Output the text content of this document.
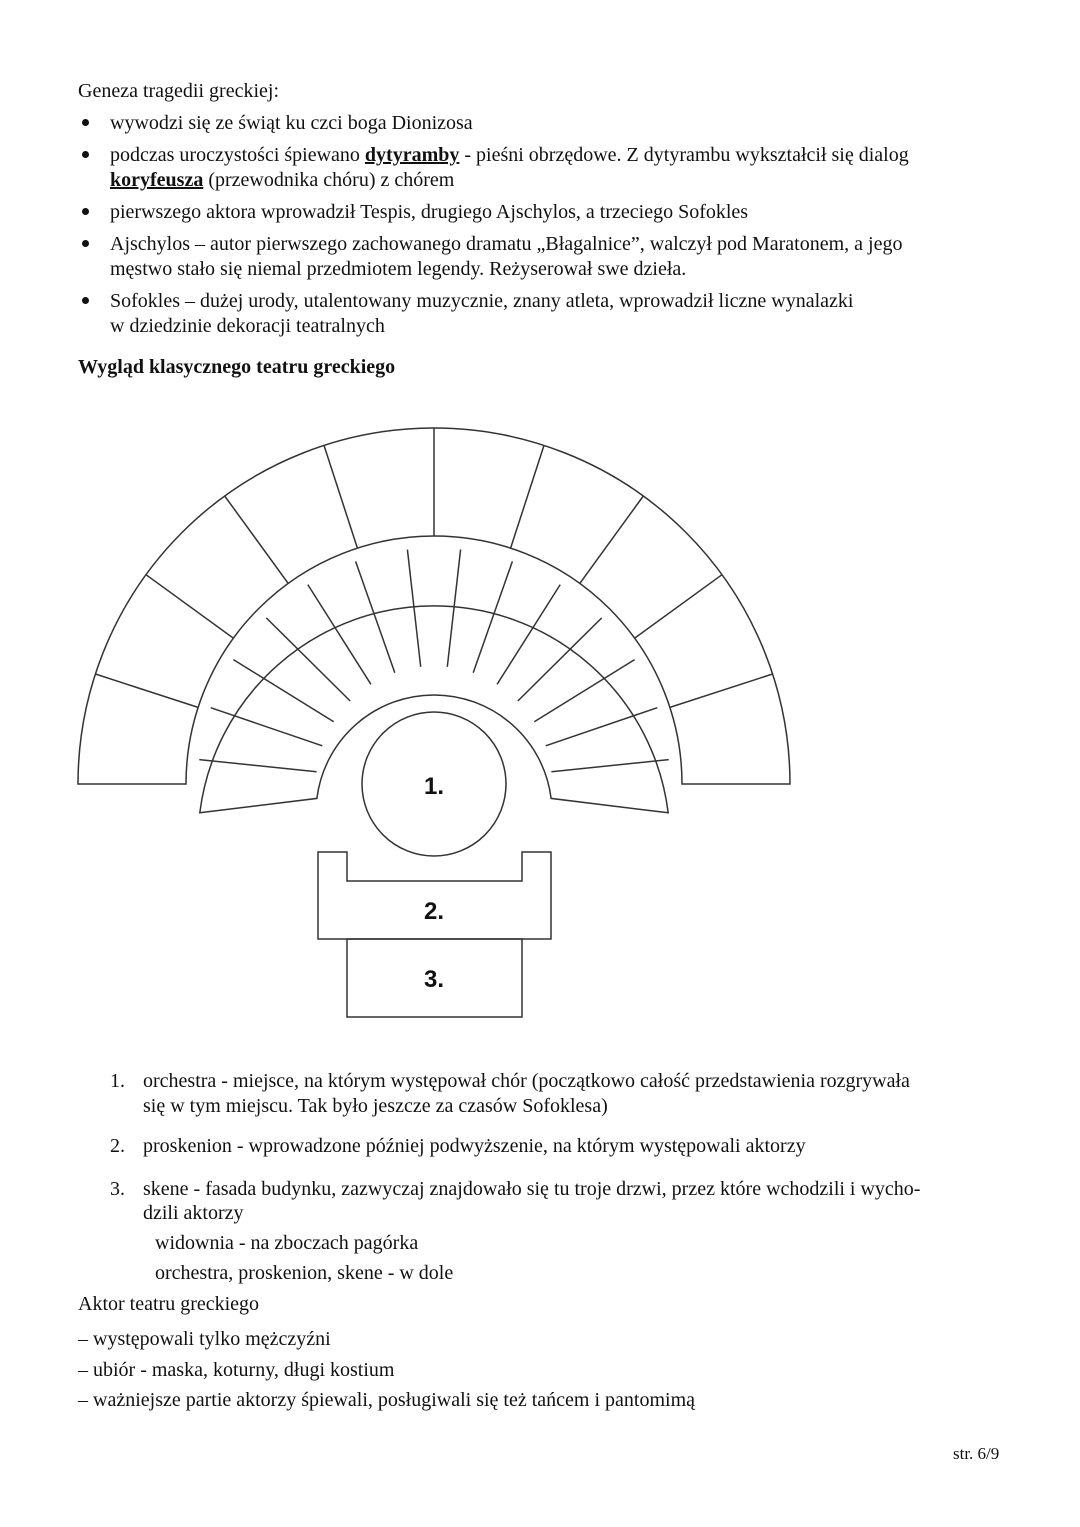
Geneza tragedii greckiej:
wywodzi się ze świąt ku czci boga Dionizosa
podczas uroczystości śpiewano dytyramby - pieśni obrzędowe. Z dytyrambu wykształcił się dialog
koryfeusza (przewodnika chóru) z chórem
pierwszego aktora wprowadził Tespis, drugiego Ajschylos, a trzeciego Sofokles
Ajschylos – autor pierwszego zachowanego dramatu „Błagalnice”, walczył pod Maratonem, a jego
męstwo stało się niemal przedmiotem legendy. Reżyserował swe dzieła.
Sofokles – dużej urody, utalentowany muzycznie, znany atleta, wprowadził liczne wynalazki
w dziedzinie dekoracji teatralnych
Wygląd klasycznego teatru greckiego
1.
2.
3.
1. orchestra - miejsce, na którym występował chór (początkowo całość przedstawienia rozgrywała
się w tym miejscu. Tak było jeszcze za czasów Sofoklesa)
2. proskenion - wprowadzone później podwyższenie, na którym występowali aktorzy
3. skene - fasada budynku, zazwyczaj znajdowało się tu troje drzwi, przez które wchodzili i wycho-
dzili aktorzy
widownia - na zboczach pagórka
orchestra, proskenion, skene - w dole
Aktor teatru greckiego
– występowali tylko mężczyźni
– ubiór - maska, koturny, długi kostium
– ważniejsze partie aktorzy śpiewali, posługiwali się też tańcem i pantomimą
str. 6/9
